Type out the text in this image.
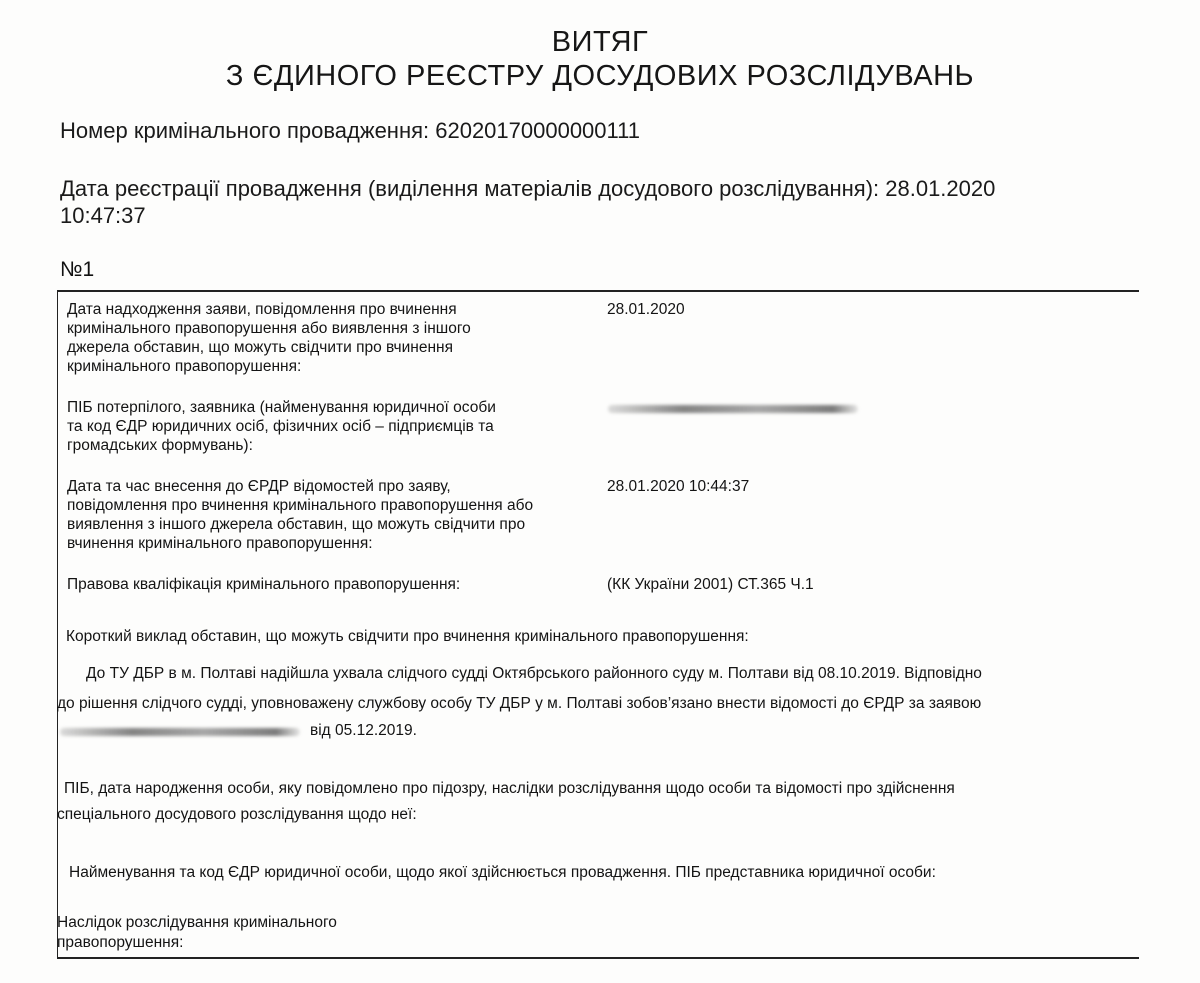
ВИТЯГ
З ЄДИНОГО РЕЄСТРУ ДОСУДОВИХ РОЗСЛІДУВАНЬ
Номер кримінального провадження: 62020170000000111
Дата реєстрації провадження (виділення матеріалів досудового розслідування): 28.01.2020
10:47:37
№1
Дата надходження заяви, повідомлення про вчинення
кримінального правопорушення або виявлення з іншого
джерела обставин, що можуть свідчити про вчинення
кримінального правопорушення:
28.01.2020
ПІБ потерпілого, заявника (найменування юридичної особи
та код ЄДР юридичних осіб, фізичних осіб – підприємців та
громадських формувань):
Дата та час внесення до ЄРДР відомостей про заяву,
повідомлення про вчинення кримінального правопорушення або
виявлення з іншого джерела обставин, що можуть свідчити про
вчинення кримінального правопорушення:
28.01.2020 10:44:37
Правова кваліфікація кримінального правопорушення:	(КК України 2001) СТ.365 Ч.1
Короткий виклад обставин, що можуть свідчити про вчинення кримінального правопорушення:
До ТУ ДБР в м. Полтаві надійшла ухвала слідчого судді Октябрського районного суду м. Полтави від 08.10.2019. Відповідно
до рішення слідчого судді, уповноважену службову особу ТУ ДБР у м. Полтаві зобов’язано внести відомості до ЄРДР за заявою
від 05.12.2019.
ПІБ, дата народження особи, яку повідомлено про підозру, наслідки розслідування щодо особи та відомості про здійснення
спеціального досудового розслідування щодо неї:
Найменування та код ЄДР юридичної особи, щодо якої здійснюється провадження. ПІБ представника юридичної особи:
Наслідок розслідування кримінального
правопорушення:
